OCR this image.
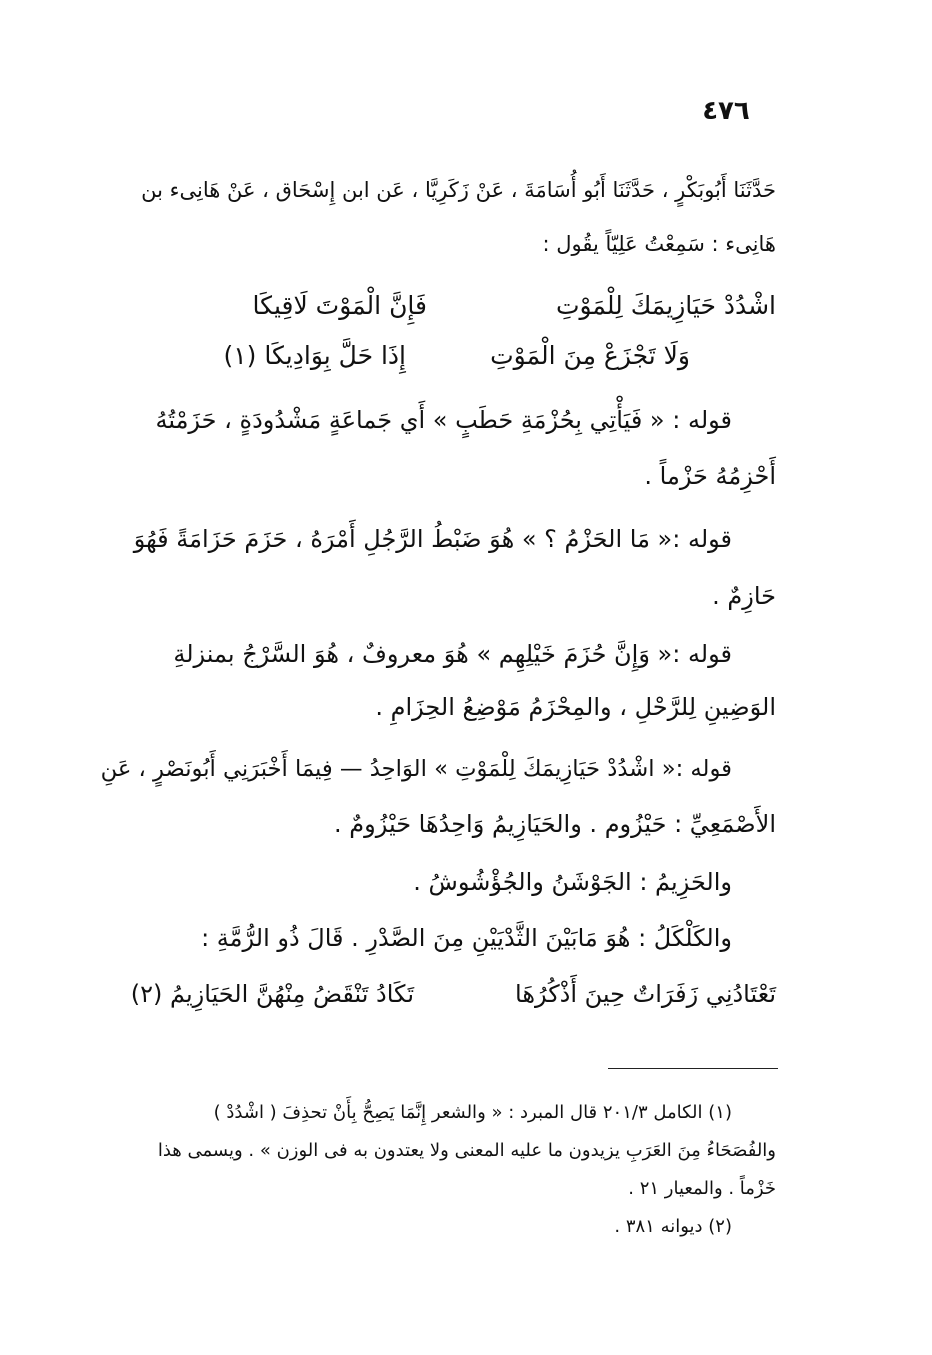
٤٧٦
حَدَّثَنَا أَبُوبَكْرٍ ، حَدَّثَنَا أَبُو أُسَامَةَ ، عَنْ زَكَرِيَّا ، عَن ابن إِسْحَاق ، عَنْ هَانِىء بن
هَانِىء : سَمِعْتُ عَلِيّاً يقُول :
اشْدُدْ حَيَازِيمَكَ لِلْمَوْتِ
فَإِنَّ الْمَوْتَ لَاقِيكَا
وَلَا تَجْزَعْ مِنَ الْمَوْتِ
إِذَا حَلَّ بِوَادِيكَا (١)
قوله : « فَيَأْتِي بِحُزْمَةِ حَطَبٍ » أَي جَماعَةٍ مَشْدُودَةٍ ، حَزَمْتُهُ
أَحْزِمُهُ حَزْماً .
قوله :« مَا الحَزْمُ ؟ » هُوَ ضَبْطُ الرَّجُلِ أَمْرَهُ ، حَزَمَ حَزَامَةً فَهُوَ
حَازِمٌ .
قوله :« وَإِنَّ حُزَمَ خَيْلِهِم » هُوَ معروفٌ ، هُوَ السَّرْجُ بمنزلةِ
الوَضِينِ لِلرَّحْلِ ، والمِحْزَمُ مَوْضِعُ الحِزَامِ .
قوله :« اشْدُدْ حَيَازِيمَكَ لِلْمَوْتِ » الوَاحِدُ — فِيمَا أَخْبَرَنِي أَبُونَصْرٍ ، عَنِ
الأَصْمَعِيِّ : حَيْزُوم . والحَيَازِيمُ وَاحِدُهَا حَيْزُومٌ .
والحَزِيمُ : الجَوْشَنُ والجُؤْشُوشُ .
والكَلْكَلُ : هُوَ مَابَيْنَ الثَّدْيَيْنِ مِنَ الصَّدْرِ . قَالَ ذُو الرُّمَّةِ :
تَعْتَادُنِي زَفَرَاتٌ حِينَ أَذْكُرُهَا
تَكَادُ تَنْقَضُ مِنْهُنَّ الحَيَازِيمُ (٢)
(١) الكامل ٢٠١/٣ قال المبرد : « والشعر إِنَّمَا يَصِحُّ بِأَنْ تحذِفَ ( اشْدُدْ )
والفُصَحَاءُ مِنَ العَرَبِ يزيدون ما عليه المعنى ولا يعتدون به فى الوزن » . ويسمى هذا
خَزْماً . والمعيار ٢١ .
(٢) ديوانه ٣٨١ .
